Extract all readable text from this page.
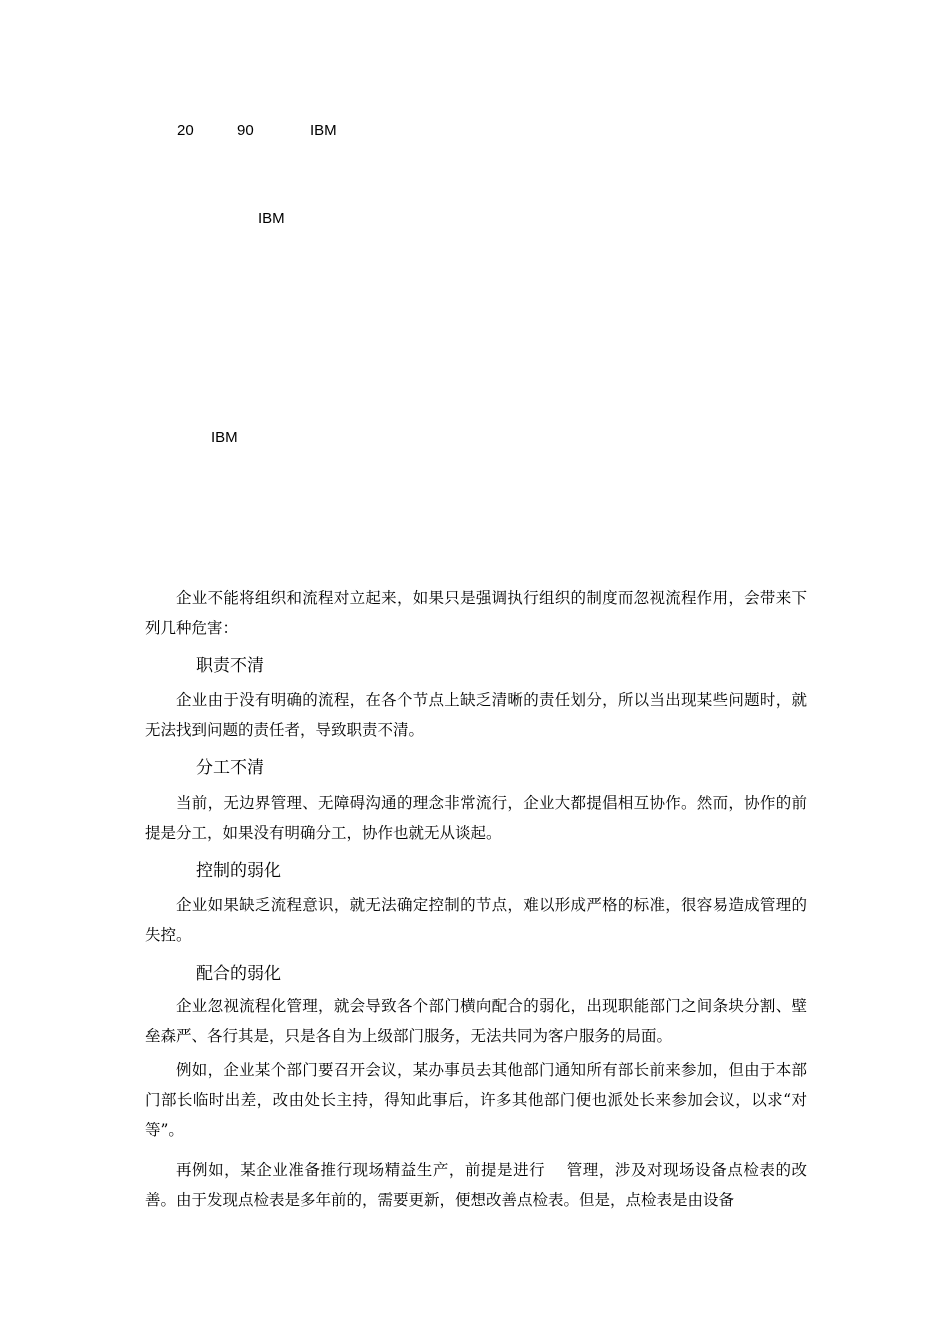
20	90	IBM
IBM
IBM

企业不能将组织和流程对立起来，如果只是强调执行组织的制度而忽视流程作用，会带来下列几种危害：

职责不清

企业由于没有明确的流程，在各个节点上缺乏清晰的责任划分，所以当出现某些问题时，就无法找到问题的责任者，导致职责不清。

分工不清

当前，无边界管理、无障碍沟通的理念非常流行，企业大都提倡相互协作。然而，协作的前提是分工，如果没有明确分工，协作也就无从谈起。

控制的弱化

企业如果缺乏流程意识，就无法确定控制的节点，难以形成严格的标准，很容易造成管理的失控。

配合的弱化

企业忽视流程化管理，就会导致各个部门横向配合的弱化，出现职能部门之间条块分割、壁垒森严、各行其是，只是各自为上级部门服务，无法共同为客户服务的局面。

例如，企业某个部门要召开会议，某办事员去其他部门通知所有部长前来参加，但由于本部门部长临时出差，改由处长主持，得知此事后，许多其他部门便也派处长来参加会议，以求“对等”。

再例如，某企业准备推行现场精益生产，前提是进行　 管理，涉及对现场设备点检表的改善。由于发现点检表是多年前的，需要更新，便想改善点检表。但是，点检表是由设备
